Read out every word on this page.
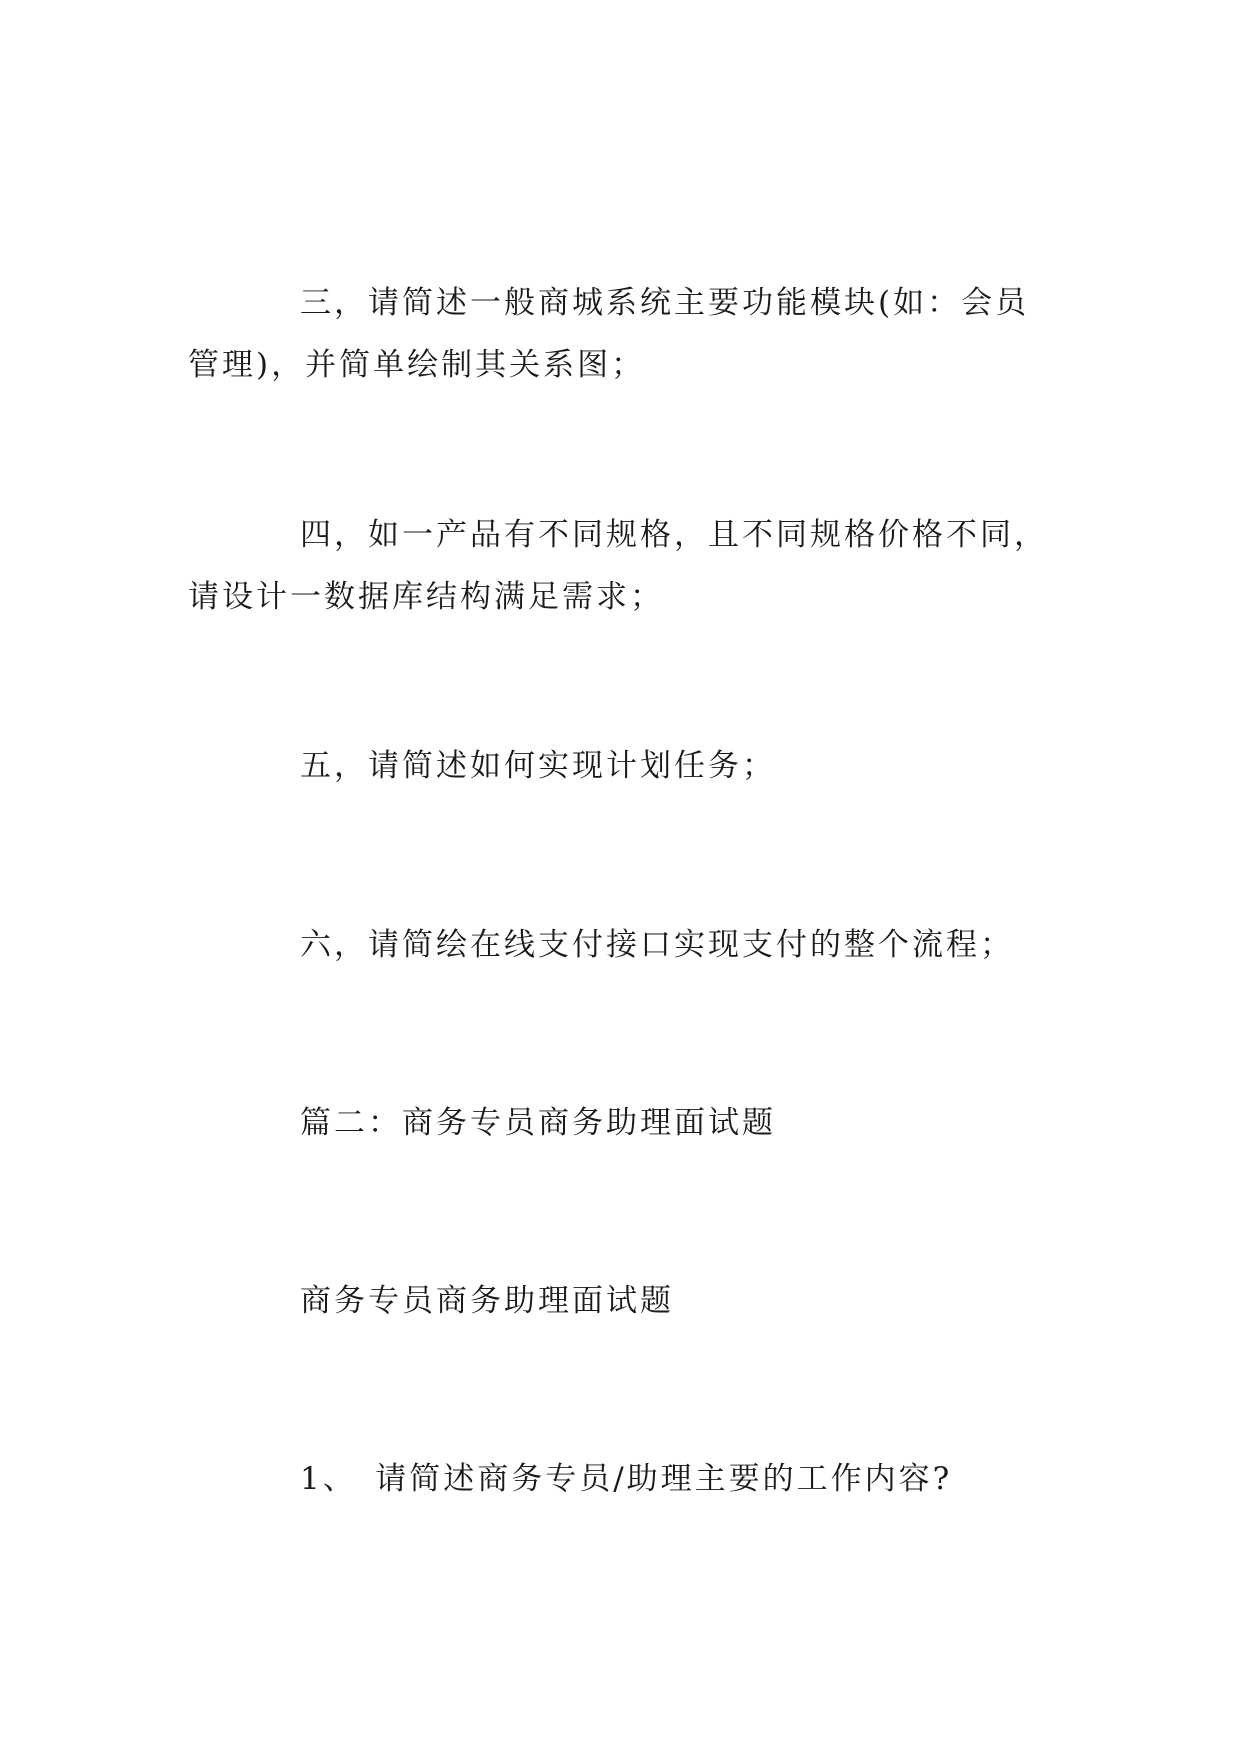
三，请简述一般商城系统主要功能模块(如：会员管理)，并简单绘制其关系图；

四，如一产品有不同规格，且不同规格价格不同，请设计一数据库结构满足需求；

五，请简述如何实现计划任务；

六，请简绘在线支付接口实现支付的整个流程；

篇二：商务专员商务助理面试题

商务专员商务助理面试题

1、　请简述商务专员/助理主要的工作内容?
